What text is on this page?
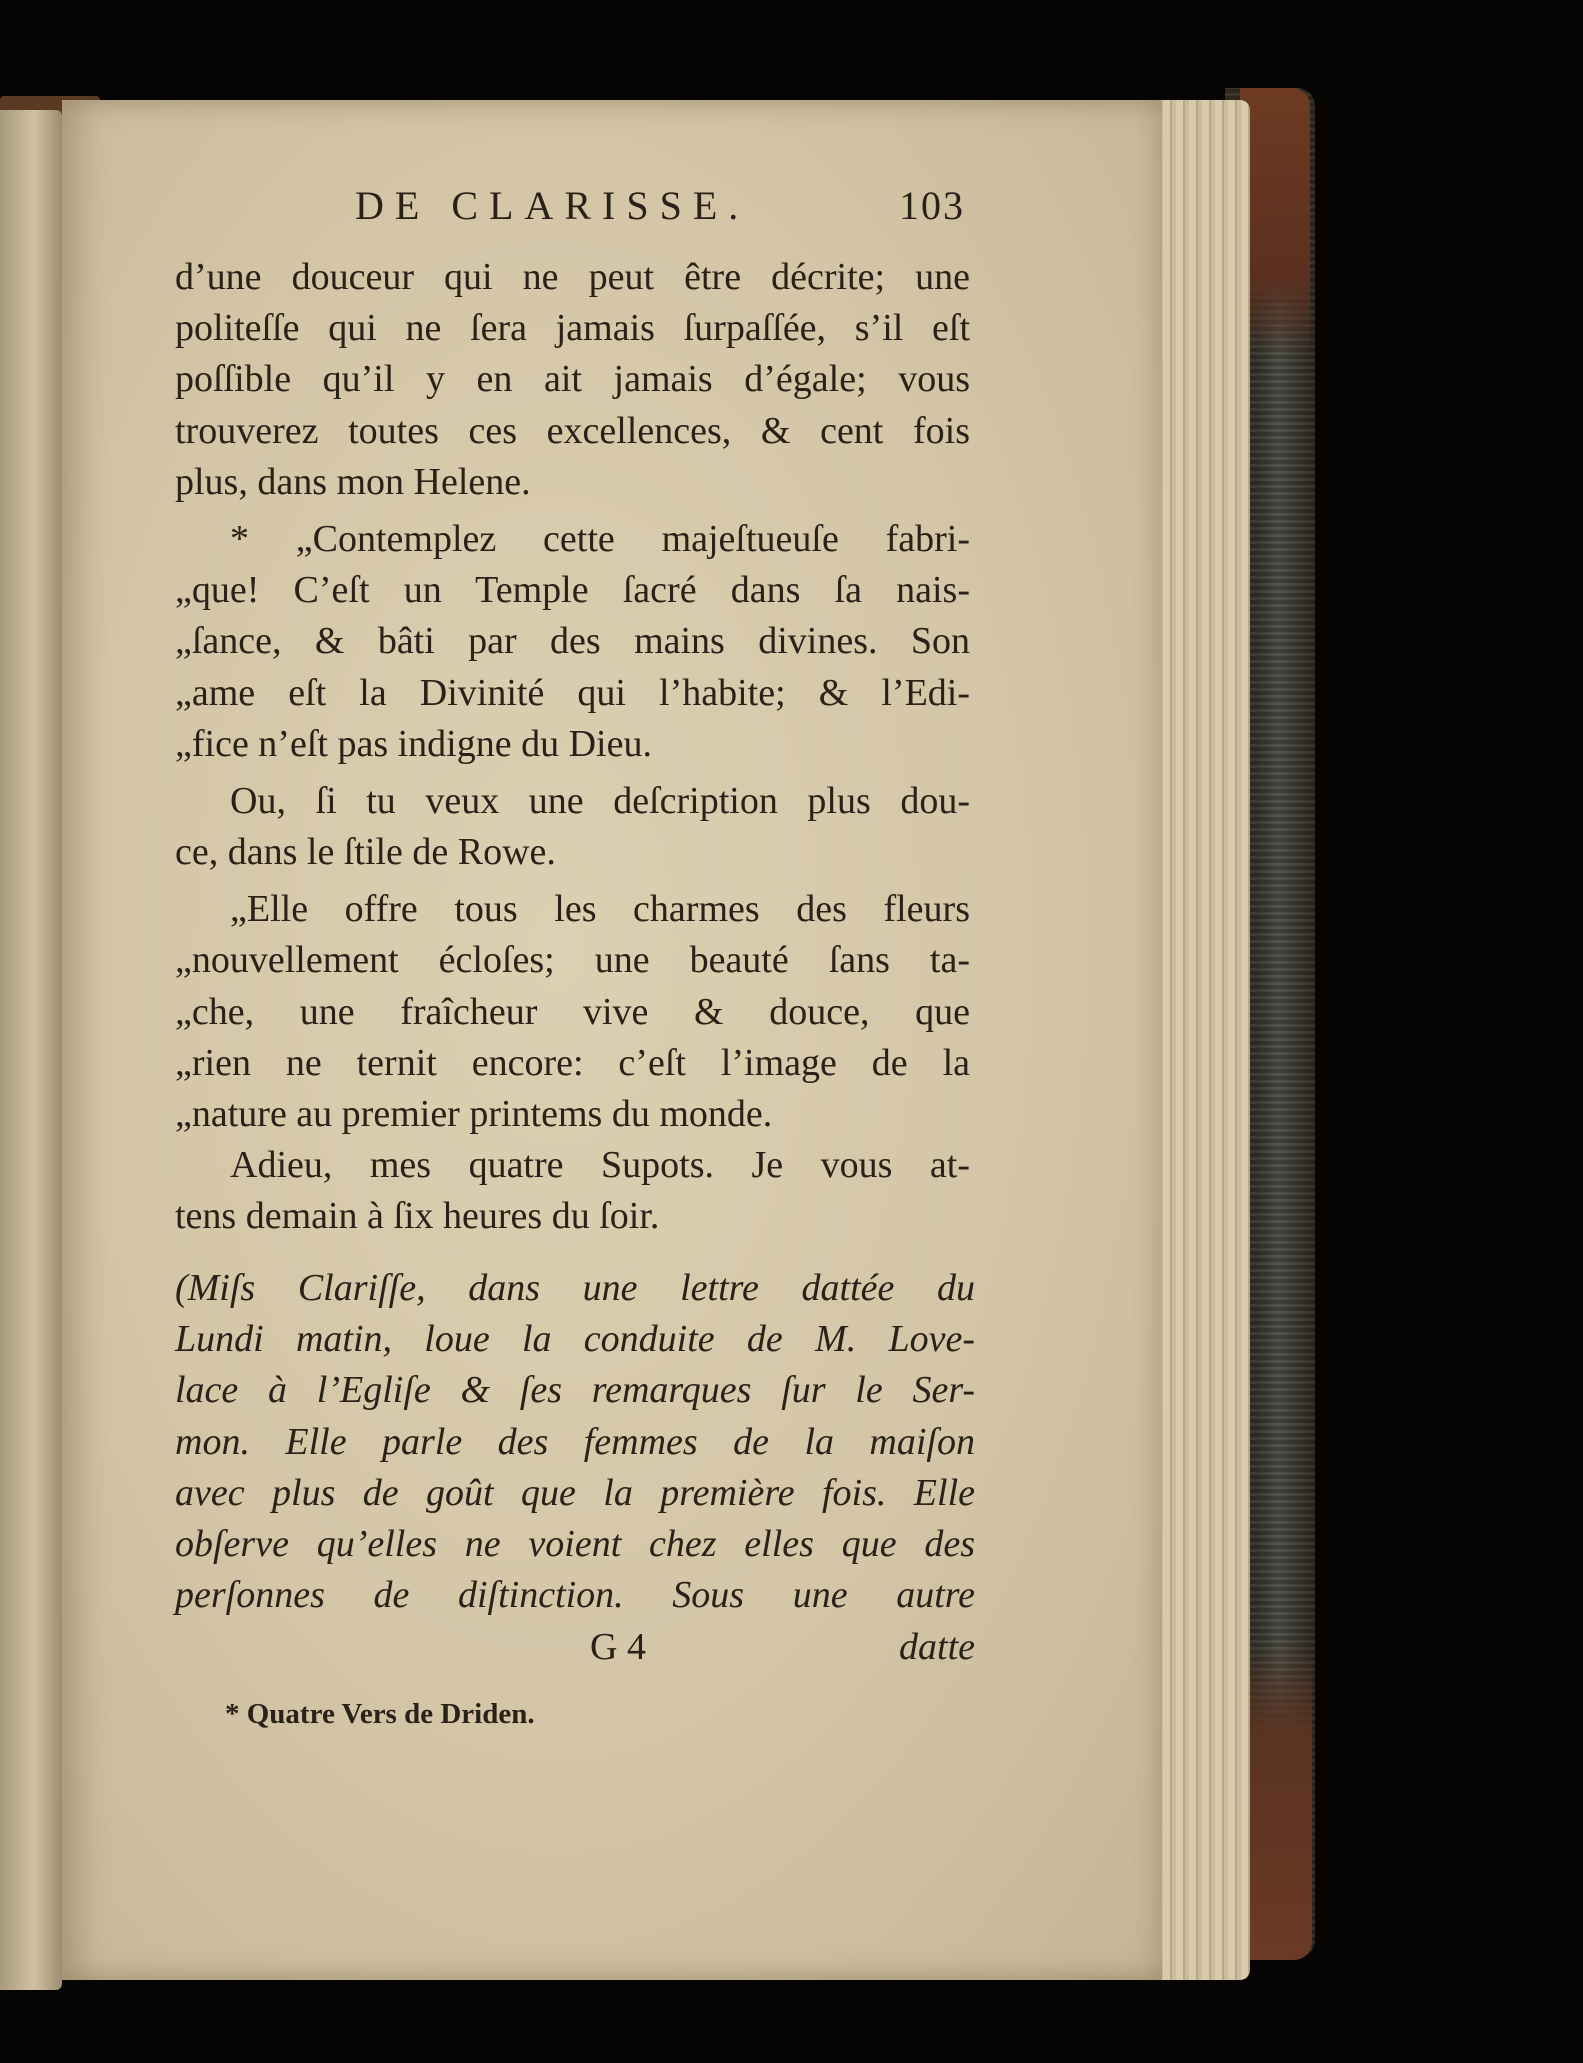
DE CLARISSE.	103
d’une douceur qui ne peut être décrite; une
politeſſe qui ne ſera jamais ſurpaſſée, s’il eſt
poſſible qu’il y en ait jamais d’égale; vous
trouverez toutes ces excellences, & cent fois
plus, dans mon Helene.
* „Contemplez cette majeſtueuſe fabri-
„que! C’eſt un Temple ſacré dans ſa nais-
„ſance, & bâti par des mains divines. Son
„ame eſt la Divinité qui l’habite; & l’Edi-
„fice n’eſt pas indigne du Dieu.
Ou, ſi tu veux une deſcription plus dou-
ce, dans le ſtile de Rowe.
„Elle offre tous les charmes des fleurs
„nouvellement écloſes; une beauté ſans ta-
„che, une fraîcheur vive & douce, que
„rien ne ternit encore: c’eſt l’image de la
„nature au premier printems du monde.
Adieu, mes quatre Supots. Je vous at-
tens demain à ſix heures du ſoir.
(Miſs Clariſſe, dans une lettre dattée du
Lundi matin, loue la conduite de M. Love-
lace à l’Egliſe & ſes remarques ſur le Ser-
mon. Elle parle des femmes de la maiſon
avec plus de goût que la première fois. Elle
obſerve qu’elles ne voient chez elles que des
perſonnes de diſtinction. Sous une autre
G 4	datte
* Quatre Vers de Driden.
